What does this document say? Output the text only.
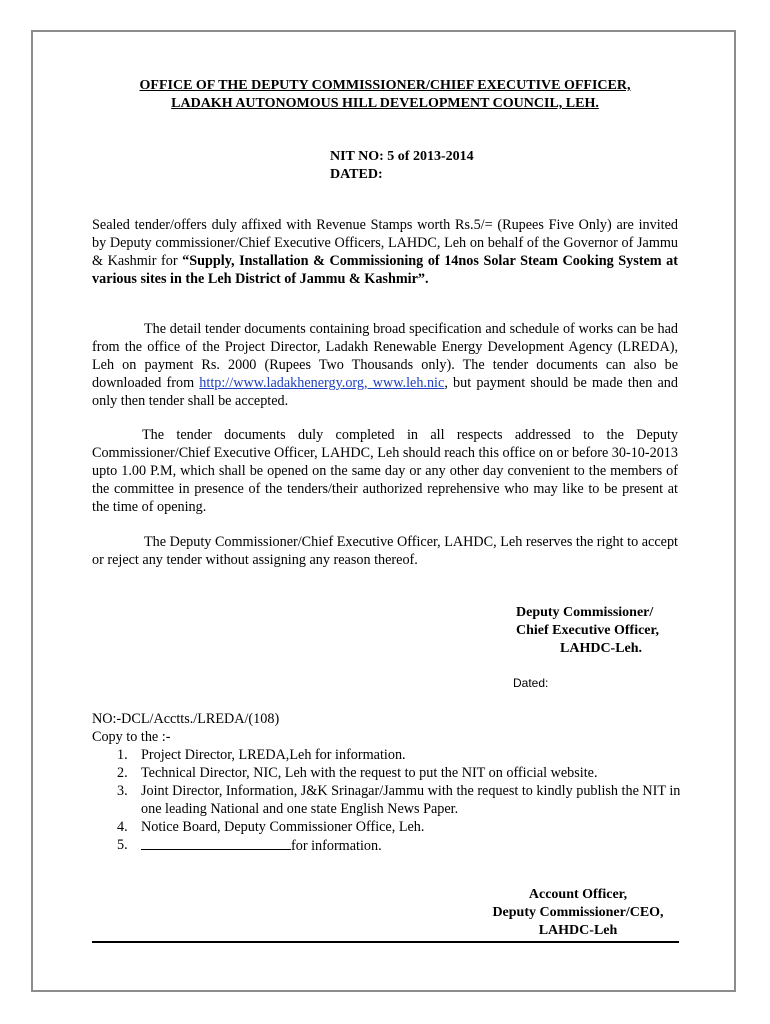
OFFICE OF THE DEPUTY COMMISSIONER/CHIEF EXECUTIVE OFFICER,
LADAKH AUTONOMOUS HILL DEVELOPMENT COUNCIL, LEH.
NIT NO: 5 of 2013-2014
DATED:

Sealed tender/offers duly affixed with Revenue Stamps worth Rs.5/= (Rupees Five Only) are invited by Deputy commissioner/Chief Executive Officers, LAHDC, Leh on behalf of the Governor of Jammu & Kashmir for “Supply, Installation & Commissioning of 14nos Solar Steam Cooking System at various sites in the Leh District of Jammu & Kashmir”.

The detail tender documents containing broad specification and schedule of works can be had from the office of the Project Director, Ladakh Renewable Energy Development Agency (LREDA), Leh on payment Rs. 2000 (Rupees Two Thousands only). The tender documents can also be downloaded from http://www.ladakhenergy.org, www.leh.nic, but payment should be made then and only then tender shall be accepted.

The tender documents duly completed in all respects addressed to the Deputy Commissioner/Chief Executive Officer, LAHDC, Leh should reach this office on or before 30-10-2013 upto 1.00 P.M, which shall be opened on the same day or any other day convenient to the members of the committee in presence of the tenders/their authorized reprehensive who may like to be present at the time of opening.

The Deputy Commissioner/Chief Executive Officer, LAHDC, Leh reserves the right to accept or reject any tender without assigning any reason thereof.

Deputy Commissioner/
Chief Executive Officer,
LAHDC-Leh.
Dated:
NO:-DCL/Acctts./LREDA/(108)
Copy to the :-
1. Project Director, LREDA,Leh for information.
2. Technical Director, NIC, Leh with the request to put the NIT on official website.
3. Joint Director, Information, J&K Srinagar/Jammu with the request to kindly publish the NIT in one leading National and one state English News Paper.
4. Notice Board, Deputy Commissioner Office, Leh.
5.	for information.
Account Officer,
Deputy Commissioner/CEO,
LAHDC-Leh
